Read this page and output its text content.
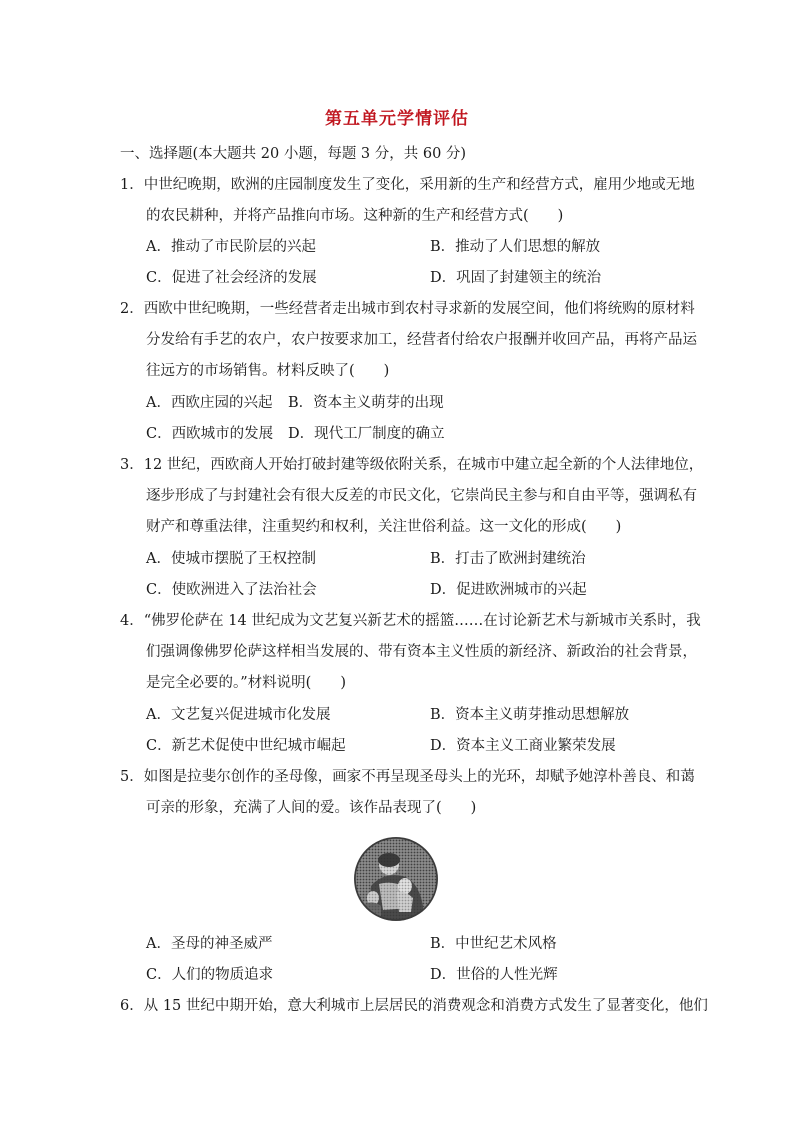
第五单元学情评估
一、选择题(本大题共 20 小题，每题 3 分，共 60 分)
1．中世纪晚期，欧洲的庄园制度发生了变化，采用新的生产和经营方式，雇用少地或无地
的农民耕种，并将产品推向市场。这种新的生产和经营方式(　　)
A．推动了市民阶层的兴起	B．推动了人们思想的解放
C．促进了社会经济的发展	D．巩固了封建领主的统治
2．西欧中世纪晚期，一些经营者走出城市到农村寻求新的发展空间，他们将统购的原材料
分发给有手艺的农户，农户按要求加工，经营者付给农户报酬并收回产品，再将产品运
往远方的市场销售。材料反映了(　　)
A．西欧庄园的兴起 B．资本主义萌芽的出现
C．西欧城市的发展 D．现代工厂制度的确立
3．12 世纪，西欧商人开始打破封建等级依附关系，在城市中建立起全新的个人法律地位，
逐步形成了与封建社会有很大反差的市民文化，它崇尚民主参与和自由平等，强调私有
财产和尊重法律，注重契约和权利，关注世俗利益。这一文化的形成(　　)
A．使城市摆脱了王权控制	B．打击了欧洲封建统治
C．使欧洲进入了法治社会	D．促进欧洲城市的兴起
4．“佛罗伦萨在 14 世纪成为文艺复兴新艺术的摇篮……在讨论新艺术与新城市关系时，我
们强调像佛罗伦萨这样相当发展的、带有资本主义性质的新经济、新政治的社会背景，
是完全必要的。”材料说明(　　)
A．文艺复兴促进城市化发展	B．资本主义萌芽推动思想解放
C．新艺术促使中世纪城市崛起	D．资本主义工商业繁荣发展
5．如图是拉斐尔创作的圣母像，画家不再呈现圣母头上的光环，却赋予她淳朴善良、和蔼
可亲的形象，充满了人间的爱。该作品表现了(　　)
A．圣母的神圣威严	B．中世纪艺术风格
C．人们的物质追求	D．世俗的人性光辉
6．从 15 世纪中期开始，意大利城市上层居民的消费观念和消费方式发生了显著变化，他们
